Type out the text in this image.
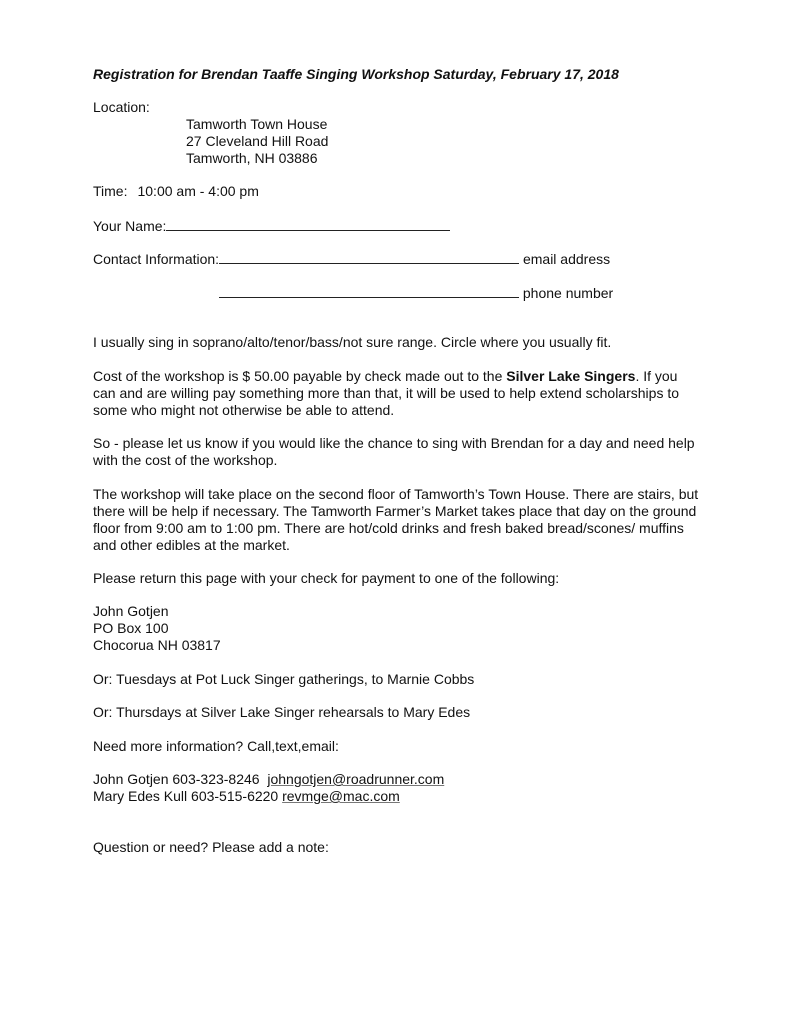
Registration for Brendan Taaffe Singing Workshop Saturday, February 17, 2018
Location:
Tamworth Town House
27 Cleveland Hill Road
Tamworth, NH 03886
Time: 10:00 am - 4:00 pm
Your Name:
Contact Information:	email address
phone number
I usually sing in soprano/alto/tenor/bass/not sure range. Circle where you usually fit.
Cost of the workshop is $ 50.00 payable by check made out to the Silver Lake Singers. If you can and are willing pay something more than that, it will be used to help extend scholarships to some who might not otherwise be able to attend.
So - please let us know if you would like the chance to sing with Brendan for a day and need help with the cost of the workshop.
The workshop will take place on the second floor of Tamworth’s Town House. There are stairs, but there will be help if necessary. The Tamworth Farmer’s Market takes place that day on the ground floor from 9:00 am to 1:00 pm. There are hot/cold drinks and fresh baked bread/scones/ muffins and other edibles at the market.
Please return this page with your check for payment to one of the following:
John Gotjen
PO Box 100
Chocorua NH 03817
Or: Tuesdays at Pot Luck Singer gatherings, to Marnie Cobbs
Or: Thursdays at Silver Lake Singer rehearsals to Mary Edes
Need more information? Call,text,email:
John Gotjen 603-323-8246  johngotjen@roadrunner.com
Mary Edes Kull 603-515-6220 revmge@mac.com
Question or need? Please add a note:
